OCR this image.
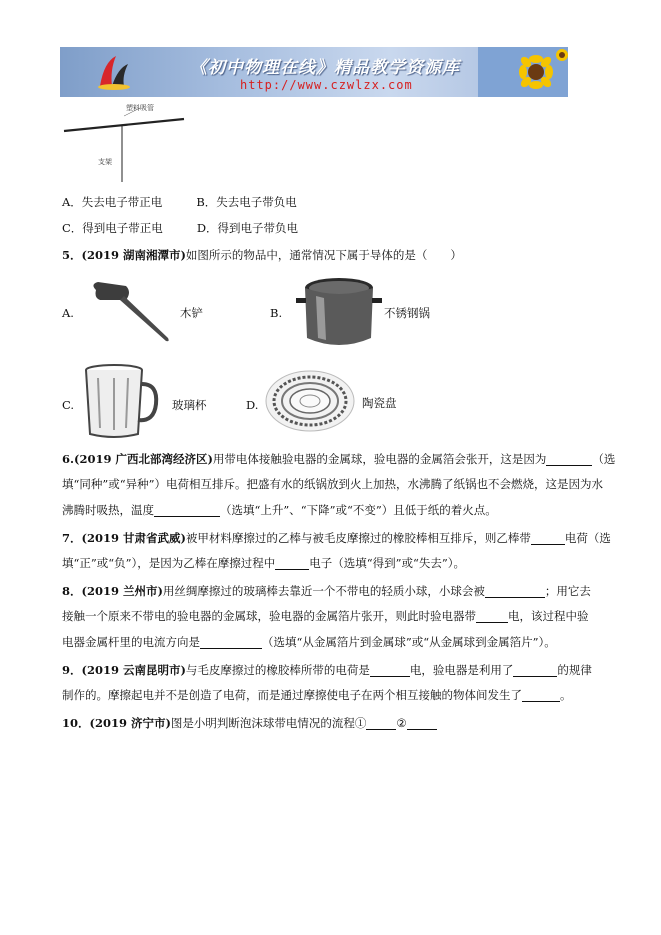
《初中物理在线》精品教学资源库
http://www.czwlzx.com
塑料吸管
支架
A．失去电子带正电	B．失去电子带负电
C．得到电子带正电	D．得到电子带负电
5．(2019 湖南湘潭市)如图所示的物品中，通常情况下属于导体的是（　　）
A.	木铲	B.	不锈钢锅
C.	玻璃杯	D.	陶瓷盘
6.(2019 广西北部湾经济区)用带电体接触验电器的金属球，验电器的金属箔会张开，这是因为	（选
填“同种”或“异种”）电荷相互排斥。把盛有水的纸锅放到火上加热，水沸腾了纸锅也不会燃烧，这是因为水
沸腾时吸热，温度	（选填“上升”、“下降”或“不变”）且低于纸的着火点。
7．(2019 甘肃省武威)被甲材料摩擦过的乙棒与被毛皮摩擦过的橡胶棒相互排斥，则乙棒带	电荷（选
填“正”或“负”），是因为乙棒在摩擦过程中	电子（选填“得到”或“失去”）。
8．(2019 兰州市)用丝绸摩擦过的玻璃棒去靠近一个不带电的轻质小球，小球会被	；用它去
接触一个原来不带电的验电器的金属球，验电器的金属箔片张开，则此时验电器带	电，该过程中验
电器金属杆里的电流方向是	（选填“从金属箔片到金属球”或“从金属球到金属箔片”）。
9．(2019 云南昆明市)与毛皮摩擦过的橡胶棒所带的电荷是	电，验电器是利用了	的规律
制作的。摩擦起电并不是创造了电荷，而是通过摩擦使电子在两个相互接触的物体间发生了	。
10．(2019 济宁市)图是小明判断泡沫球带电情况的流程①	②
